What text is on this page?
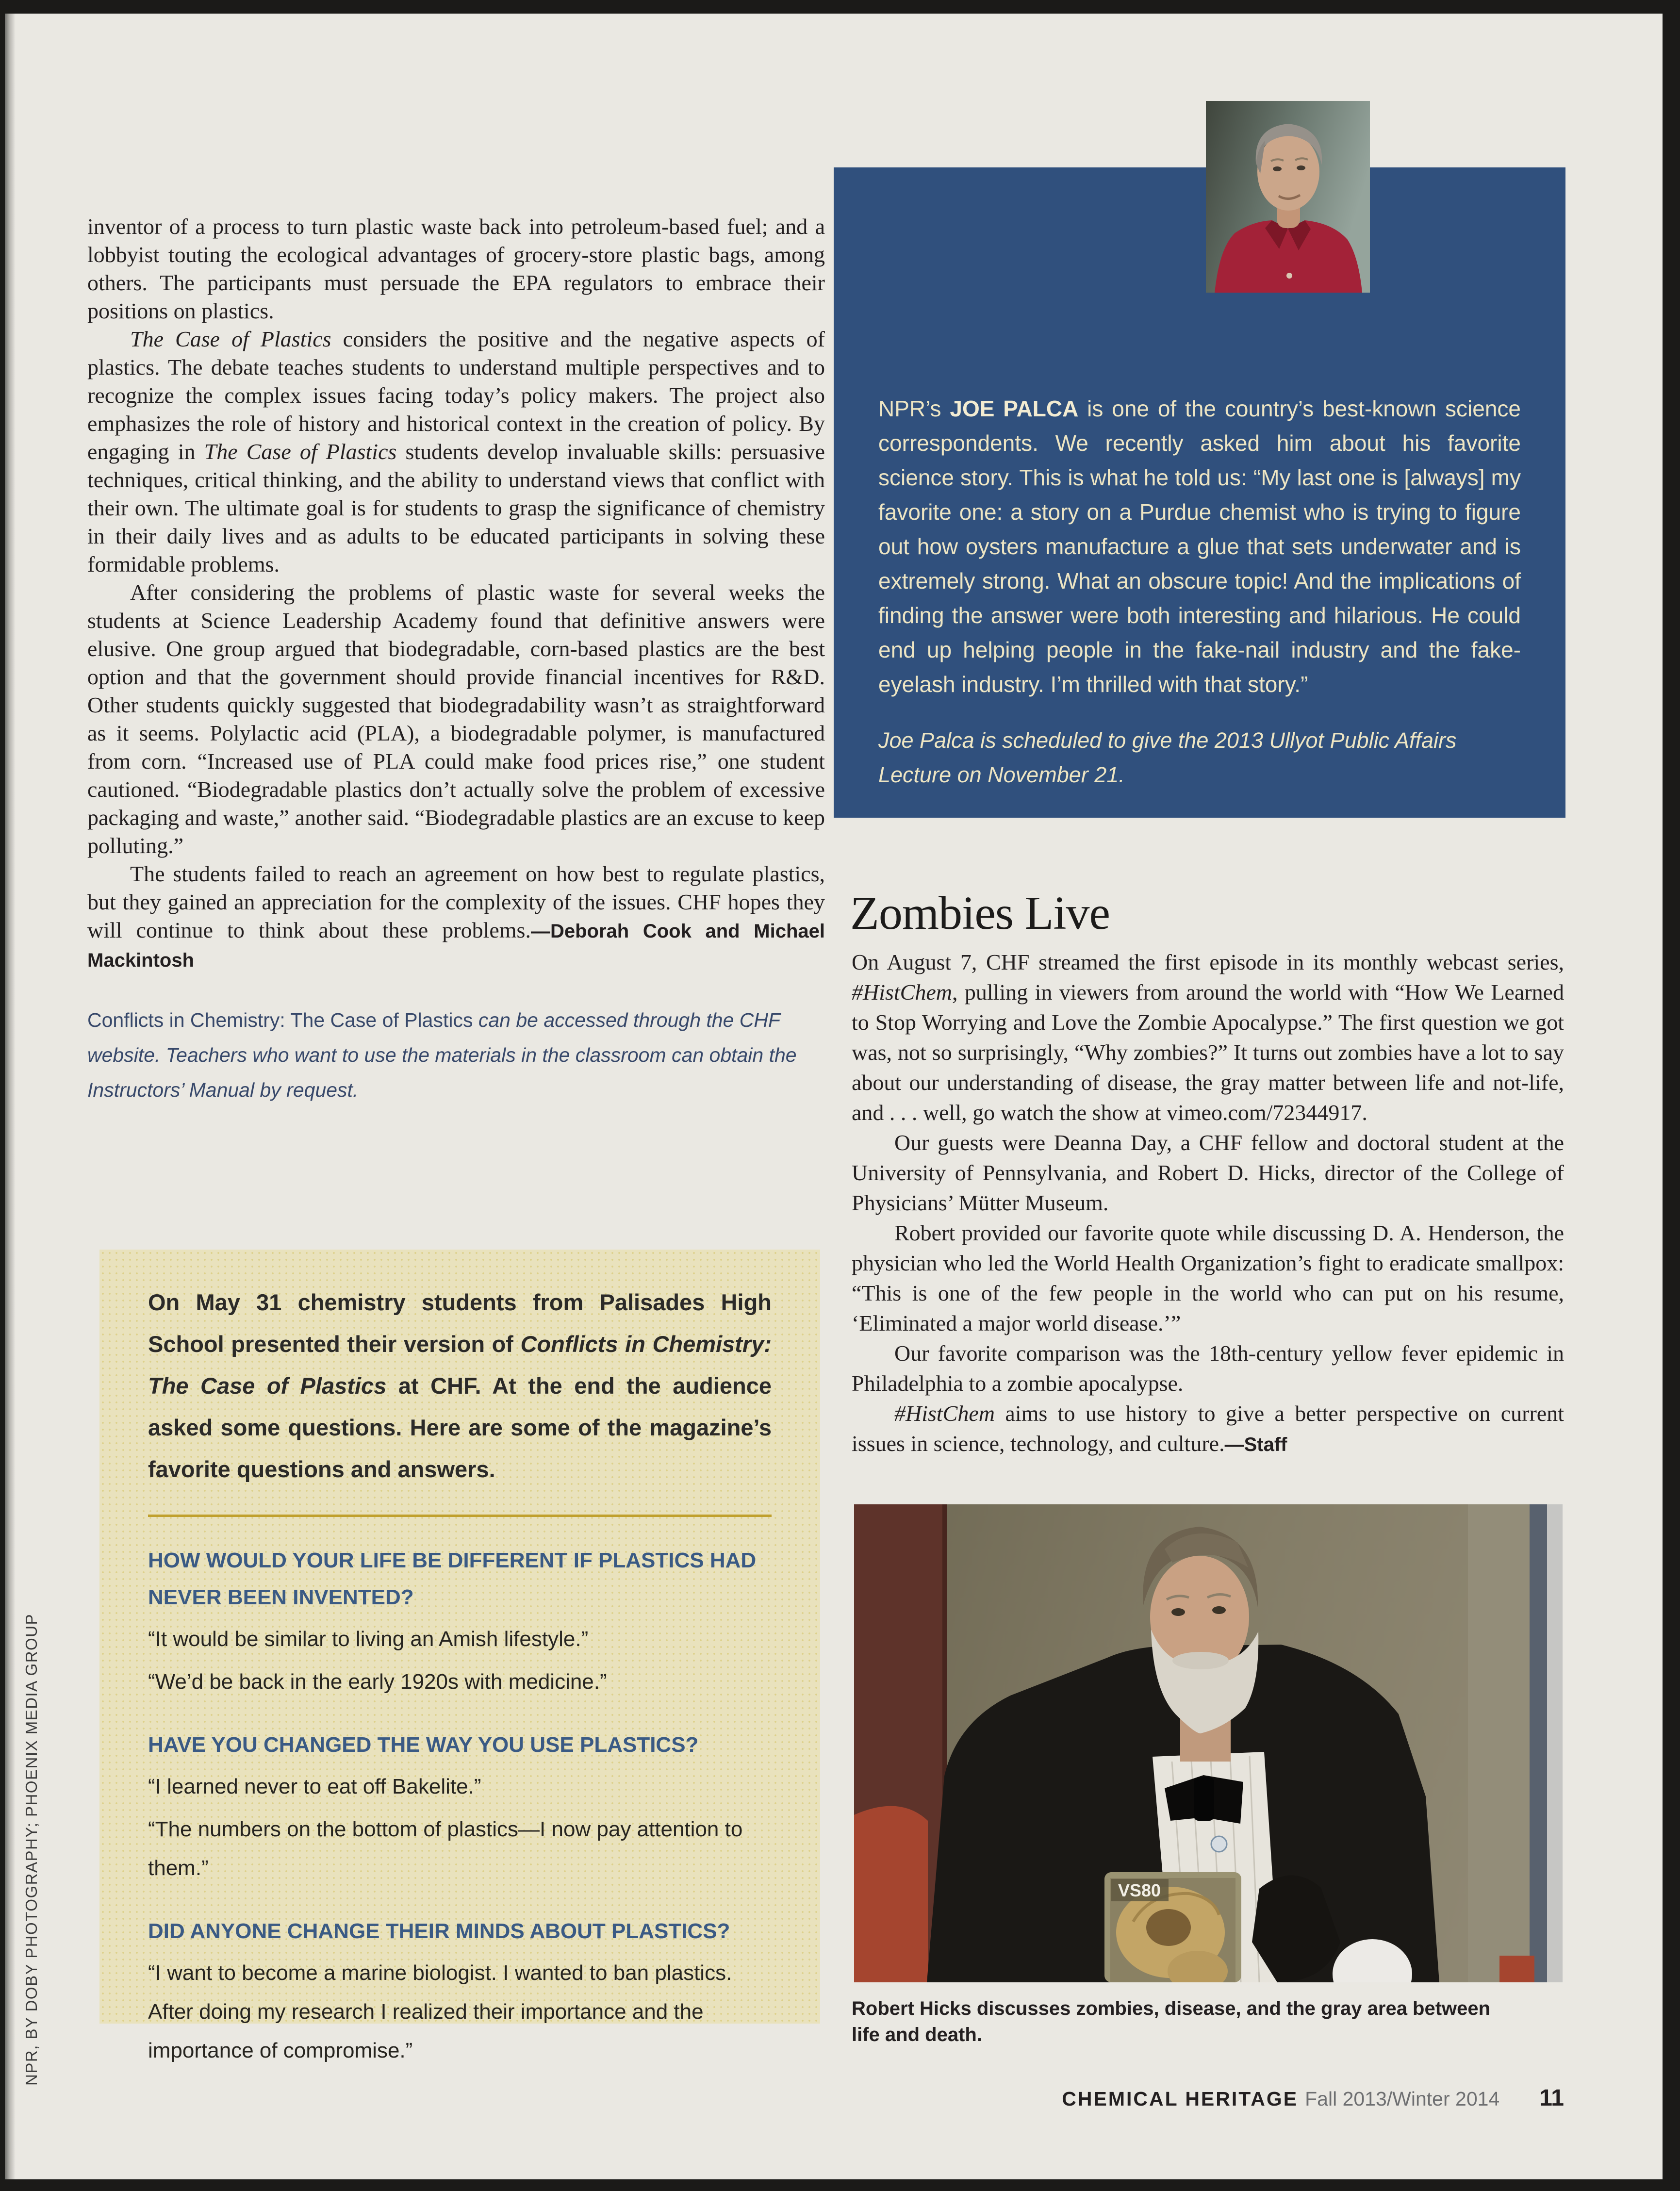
inventor of a process to turn plastic waste back into petroleum-based fuel; and a lobbyist touting the ecological advantages of grocery-store plastic bags, among others. The participants must persuade the EPA regulators to embrace their positions on plastics.

The Case of Plastics considers the positive and the negative aspects of plastics. The debate teaches students to understand multiple perspectives and to recognize the complex issues facing today’s policy makers. The project also emphasizes the role of history and historical context in the creation of policy. By engaging in The Case of Plastics students develop invaluable skills: persuasive techniques, critical thinking, and the ability to understand views that conflict with their own. The ultimate goal is for students to grasp the significance of chemistry in their daily lives and as adults to be educated participants in solving these formidable problems.

After considering the problems of plastic waste for several weeks the students at Science Leadership Academy found that definitive answers were elusive. One group argued that biodegradable, corn-based plastics are the best option and that the government should provide financial incentives for R&D. Other students quickly suggested that biodegradability wasn’t as straightforward as it seems. Polylactic acid (PLA), a biodegradable polymer, is manufactured from corn. “Increased use of PLA could make food prices rise,” one student cautioned. “Biodegradable plastics don’t actually solve the problem of excessive packaging and waste,” another said. “Biodegradable plastics are an excuse to keep polluting.”

The students failed to reach an agreement on how best to regulate plastics, but they gained an appreciation for the complexity of the issues. CHF hopes they will continue to think about these problems.—Deborah Cook and Michael Mackintosh

Conflicts in Chemistry: The Case of Plastics can be accessed through the CHF website. Teachers who want to use the materials in the classroom can obtain the Instructors’ Manual by request.
NPR’s JOE PALCA is one of the country’s best-known science correspondents. We recently asked him about his favorite science story. This is what he told us: “My last one is [always] my favorite one: a story on a Purdue chemist who is trying to figure out how oysters manufacture a glue that sets underwater and is extremely strong. What an obscure topic! And the implications of finding the answer were both interesting and hilarious. He could end up helping people in the fake-nail industry and the fake-eyelash industry. I’m thrilled with that story.”
Joe Palca is scheduled to give the 2013 Ullyot Public Affairs Lecture on November 21.
Zombies Live

On August 7, CHF streamed the first episode in its monthly webcast series, #HistChem, pulling in viewers from around the world with “How We Learned to Stop Worrying and Love the Zombie Apocalypse.” The first question we got was, not so surprisingly, “Why zombies?” It turns out zombies have a lot to say about our understanding of disease, the gray matter between life and not-life, and . . . well, go watch the show at vimeo.com/72344917.

Our guests were Deanna Day, a CHF fellow and doctoral student at the University of Pennsylvania, and Robert D. Hicks, director of the College of Physicians’ Mütter Museum.

Robert provided our favorite quote while discussing D. A. Henderson, the physician who led the World Health Organization’s fight to eradicate smallpox: “This is one of the few people in the world who can put on his resume, ‘Eliminated a major world disease.’”

Our favorite comparison was the 18th-century yellow fever epidemic in Philadelphia to a zombie apocalypse.

#HistChem aims to use history to give a better perspective on current issues in science, technology, and culture.—Staff

VS80
Robert Hicks discusses zombies, disease, and the gray area between life and death.
On May 31 chemistry students from Palisades High School presented their version of Conflicts in Chemistry: The Case of Plastics at CHF. At the end the audience asked some questions. Here are some of the magazine’s favorite questions and answers.
HOW WOULD YOUR LIFE BE DIFFERENT IF PLASTICS HAD NEVER BEEN INVENTED?
“It would be similar to living an Amish lifestyle.”
“We’d be back in the early 1920s with medicine.”
HAVE YOU CHANGED THE WAY YOU USE PLASTICS?
“I learned never to eat off Bakelite.”
“The numbers on the bottom of plastics—I now pay attention to them.”
DID ANYONE CHANGE THEIR MINDS ABOUT PLASTICS?
“I want to become a marine biologist. I wanted to ban plastics. After doing my research I realized their importance and the importance of compromise.”
CHEMICAL HERITAGE Fall 2013/Winter 2014 11
NPR, BY DOBY PHOTOGRAPHY; PHOENIX MEDIA GROUP
